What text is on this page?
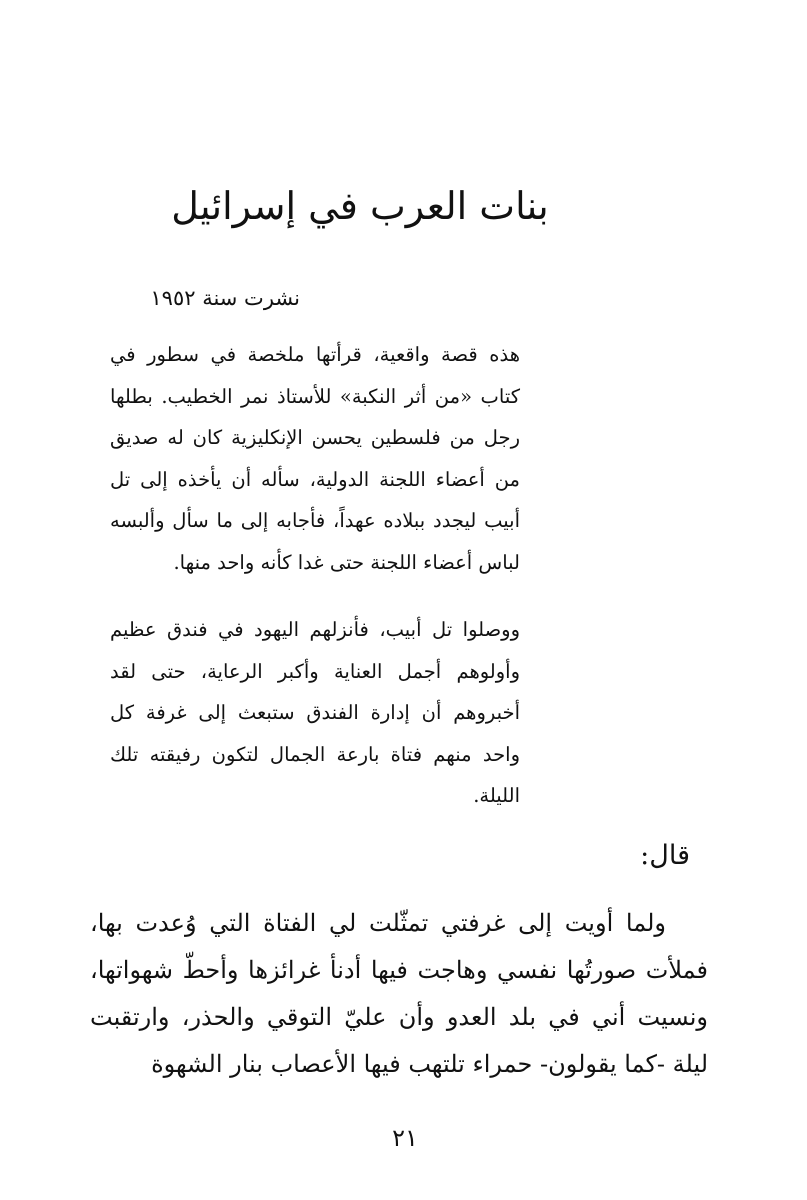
بنات العرب في إسرائيل

نشرت سنة ١٩٥٢

هذه قصة واقعية، قرأتها ملخصة في سطور في كتاب «من أثر النكبة» للأستاذ نمر الخطيب. بطلها رجل من فلسطين يحسن الإنكليزية كان له صديق من أعضاء اللجنة الدولية، سأله أن يأخذه إلى تل أبيب ليجدد ببلاده عهداً، فأجابه إلى ما سأل وألبسه لباس أعضاء اللجنة حتى غدا كأنه واحد منها.

ووصلوا تل أبيب، فأنزلهم اليهود في فندق عظيم وأولوهم أجمل العناية وأكبر الرعاية، حتى لقد أخبروهم أن إدارة الفندق ستبعث إلى غرفة كل واحد منهم فتاة بارعة الجمال لتكون رفيقته تلك الليلة.

قال:

ولما أويت إلى غرفتي تمثّلت لي الفتاة التي وُعدت بها، فملأت صورتُها نفسي وهاجت فيها أدنأ غرائزها وأحطّ شهواتها، ونسيت أني في بلد العدو وأن عليّ التوقي والحذر، وارتقبت ليلة -كما يقولون- حمراء تلتهب فيها الأعصاب بنار الشهوة

٢١
